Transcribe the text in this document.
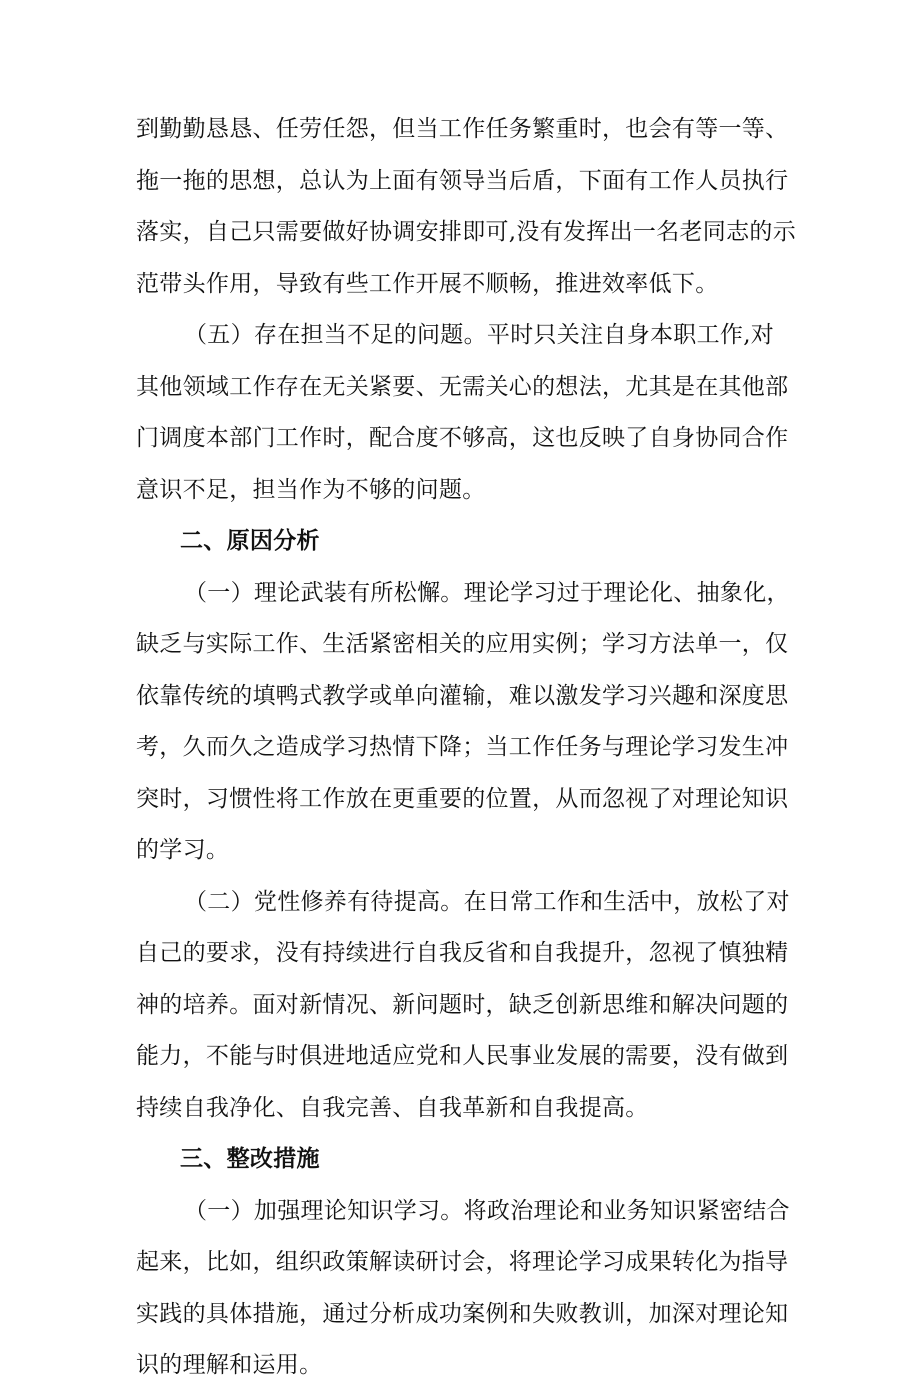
到勤勤恳恳、任劳任怨，但当工作任务繁重时，也会有等一等、
拖一拖的思想，总认为上面有领导当后盾，下面有工作人员执行
落实，自己只需要做好协调安排即可,没有发挥出一名老同志的示
范带头作用，导致有些工作开展不顺畅，推进效率低下。
（五）存在担当不足的问题。平时只关注自身本职工作,对
其他领域工作存在无关紧要、无需关心的想法，尤其是在其他部
门调度本部门工作时，配合度不够高，这也反映了自身协同合作
意识不足，担当作为不够的问题。
二、原因分析
（一）理论武装有所松懈。理论学习过于理论化、抽象化，
缺乏与实际工作、生活紧密相关的应用实例；学习方法单一，仅
依靠传统的填鸭式教学或单向灌输，难以激发学习兴趣和深度思
考，久而久之造成学习热情下降；当工作任务与理论学习发生冲
突时，习惯性将工作放在更重要的位置，从而忽视了对理论知识
的学习。
（二）党性修养有待提高。在日常工作和生活中，放松了对
自己的要求，没有持续进行自我反省和自我提升，忽视了慎独精
神的培养。面对新情况、新问题时，缺乏创新思维和解决问题的
能力，不能与时俱进地适应党和人民事业发展的需要，没有做到
持续自我净化、自我完善、自我革新和自我提高。
三、整改措施
（一）加强理论知识学习。将政治理论和业务知识紧密结合
起来，比如，组织政策解读研讨会，将理论学习成果转化为指导
实践的具体措施，通过分析成功案例和失败教训，加深对理论知
识的理解和运用。
